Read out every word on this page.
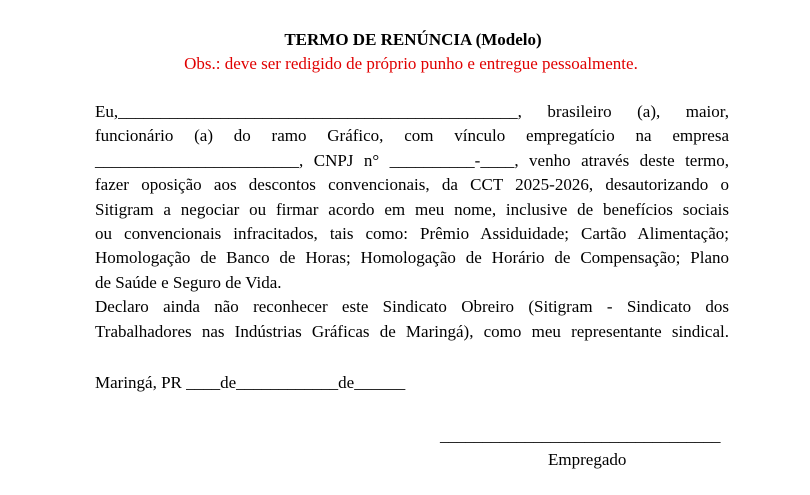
TERMO DE RENÚNCIA (Modelo)
Obs.: deve ser redigido de próprio punho e entregue pessoalmente.

Eu,_______________________________________________, brasileiro (a), maior,

funcionário (a) do ramo Gráfico, com vínculo empregatício na empresa

________________________, CNPJ n° __________-____, venho através deste termo,

fazer oposição aos descontos convencionais, da CCT 2025-2026, desautorizando o

Sitigram a negociar ou firmar acordo em meu nome, inclusive de benefícios sociais

ou convencionais infracitados, tais como: Prêmio Assiduidade; Cartão Alimentação;

Homologação de Banco de Horas; Homologação de Horário de Compensação; Plano

de Saúde e Seguro de Vida.

Declaro ainda não reconhecer este Sindicato Obreiro (Sitigram - Sindicato dos

Trabalhadores nas Indústrias Gráficas de Maringá), como meu representante sindical.

Maringá, PR ____de____________de______
_________________________________
Empregado
